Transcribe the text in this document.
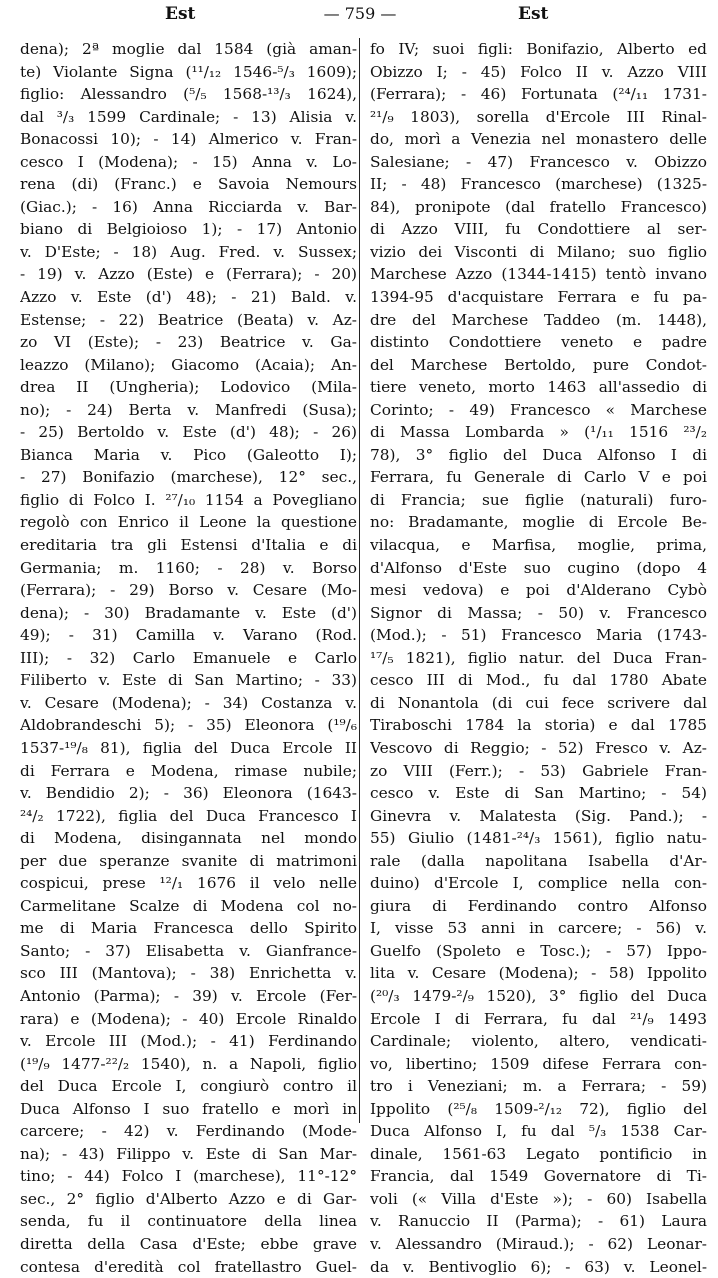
Est	— 759 —	Est
dena); 2ª moglie dal 1584 (già aman-
te) Violante Signa (¹¹/₁₂ 1546-⁵/₃ 1609);
figlio: Alessandro (⁵/₅ 1568-¹³/₃ 1624),
dal ³/₃ 1599 Cardinale; - 13) Alisia v.
Bonacossi 10); - 14) Almerico v. Fran-
cesco I (Modena); - 15) Anna v. Lo-
rena (di) (Franc.) e Savoia Nemours
(Giac.); - 16) Anna Ricciarda v. Bar-
biano di Belgioioso 1); - 17) Antonio
v. D'Este; - 18) Aug. Fred. v. Sussex;
- 19) v. Azzo (Este) e (Ferrara); - 20)
Azzo v. Este (d') 48); - 21) Bald. v.
Estense; - 22) Beatrice (Beata) v. Az-
zo VI (Este); - 23) Beatrice v. Ga-
leazzo (Milano); Giacomo (Acaia); An-
drea II (Ungheria); Lodovico (Mila-
no); - 24) Berta v. Manfredi (Susa);
- 25) Bertoldo v. Este (d') 48); - 26)
Bianca Maria v. Pico (Galeotto I);
- 27) Bonifazio (marchese), 12° sec.,
figlio di Folco I. ²⁷/₁₀ 1154 a Povegliano
regolò con Enrico il Leone la questione
ereditaria tra gli Estensi d'Italia e di
Germania; m. 1160; - 28) v. Borso
(Ferrara); - 29) Borso v. Cesare (Mo-
dena); - 30) Bradamante v. Este (d')
49); - 31) Camilla v. Varano (Rod.
III); - 32) Carlo Emanuele e Carlo
Filiberto v. Este di San Martino; - 33)
v. Cesare (Modena); - 34) Costanza v.
Aldobrandeschi 5); - 35) Eleonora (¹⁹/₆
1537-¹⁹/₈ 81), figlia del Duca Ercole II
di Ferrara e Modena, rimase nubile;
v. Bendidio 2); - 36) Eleonora (1643-
²⁴/₂ 1722), figlia del Duca Francesco I
di Modena, disingannata nel mondo
per due speranze svanite di matrimoni
cospicui, prese ¹²/₁ 1676 il velo nelle
Carmelitane Scalze di Modena col no-
me di Maria Francesca dello Spirito
Santo; - 37) Elisabetta v. Gianfrance-
sco III (Mantova); - 38) Enrichetta v.
Antonio (Parma); - 39) v. Ercole (Fer-
rara) e (Modena); - 40) Ercole Rinaldo
v. Ercole III (Mod.); - 41) Ferdinando
(¹⁹/₉ 1477-²²/₂ 1540), n. a Napoli, figlio
del Duca Ercole I, congiurò contro il
Duca Alfonso I suo fratello e morì in
carcere; - 42) v. Ferdinando (Mode-
na); - 43) Filippo v. Este di San Mar-
tino; - 44) Folco I (marchese), 11°-12°
sec., 2° figlio d'Alberto Azzo e di Gar-
senda, fu il continuatore della linea
diretta della Casa d'Este; ebbe grave
contesa d'eredità col fratellastro Guel-
fo IV; suoi figli: Bonifazio, Alberto ed
Obizzo I; - 45) Folco II v. Azzo VIII
(Ferrara); - 46) Fortunata (²⁴/₁₁ 1731-
²¹/₉ 1803), sorella d'Ercole III Rinal-
do, morì a Venezia nel monastero delle
Salesiane; - 47) Francesco v. Obizzo
II; - 48) Francesco (marchese) (1325-
84), pronipote (dal fratello Francesco)
di Azzo VIII, fu Condottiere al ser-
vizio dei Visconti di Milano; suo figlio
Marchese Azzo (1344-1415) tentò invano
1394-95 d'acquistare Ferrara e fu pa-
dre del Marchese Taddeo (m. 1448),
distinto Condottiere veneto e padre
del Marchese Bertoldo, pure Condot-
tiere veneto, morto 1463 all'assedio di
Corinto; - 49) Francesco « Marchese
di Massa Lombarda » (¹/₁₁ 1516 ²³/₂
78), 3° figlio del Duca Alfonso I di
Ferrara, fu Generale di Carlo V e poi
di Francia; sue figlie (naturali) furo-
no: Bradamante, moglie di Ercole Be-
vilacqua, e Marfisa, moglie, prima,
d'Alfonso d'Este suo cugino (dopo 4
mesi vedova) e poi d'Alderano Cybò
Signor di Massa; - 50) v. Francesco
(Mod.); - 51) Francesco Maria (1743-
¹⁷/₅ 1821), figlio natur. del Duca Fran-
cesco III di Mod., fu dal 1780 Abate
di Nonantola (di cui fece scrivere dal
Tiraboschi 1784 la storia) e dal 1785
Vescovo di Reggio; - 52) Fresco v. Az-
zo VIII (Ferr.); - 53) Gabriele Fran-
cesco v. Este di San Martino; - 54)
Ginevra v. Malatesta (Sig. Pand.); -
55) Giulio (1481-²⁴/₃ 1561), figlio natu-
rale (dalla napolitana Isabella d'Ar-
duino) d'Ercole I, complice nella con-
giura di Ferdinando contro Alfonso
I, visse 53 anni in carcere; - 56) v.
Guelfo (Spoleto e Tosc.); - 57) Ippo-
lita v. Cesare (Modena); - 58) Ippolito
(²⁰/₃ 1479-²/₉ 1520), 3° figlio del Duca
Ercole I di Ferrara, fu dal ²¹/₉ 1493
Cardinale; violento, altero, vendicati-
vo, libertino; 1509 difese Ferrara con-
tro i Veneziani; m. a Ferrara; - 59)
Ippolito (²⁵/₈ 1509-²/₁₂ 72), figlio del
Duca Alfonso I, fu dal ⁵/₃ 1538 Car-
dinale, 1561-63 Legato pontificio in
Francia, dal 1549 Governatore di Ti-
voli (« Villa d'Este »); - 60) Isabella
v. Ranuccio II (Parma); - 61) Laura
v. Alessandro (Miraud.); - 62) Leonar-
da v. Bentivoglio 6); - 63) v. Leonel-
